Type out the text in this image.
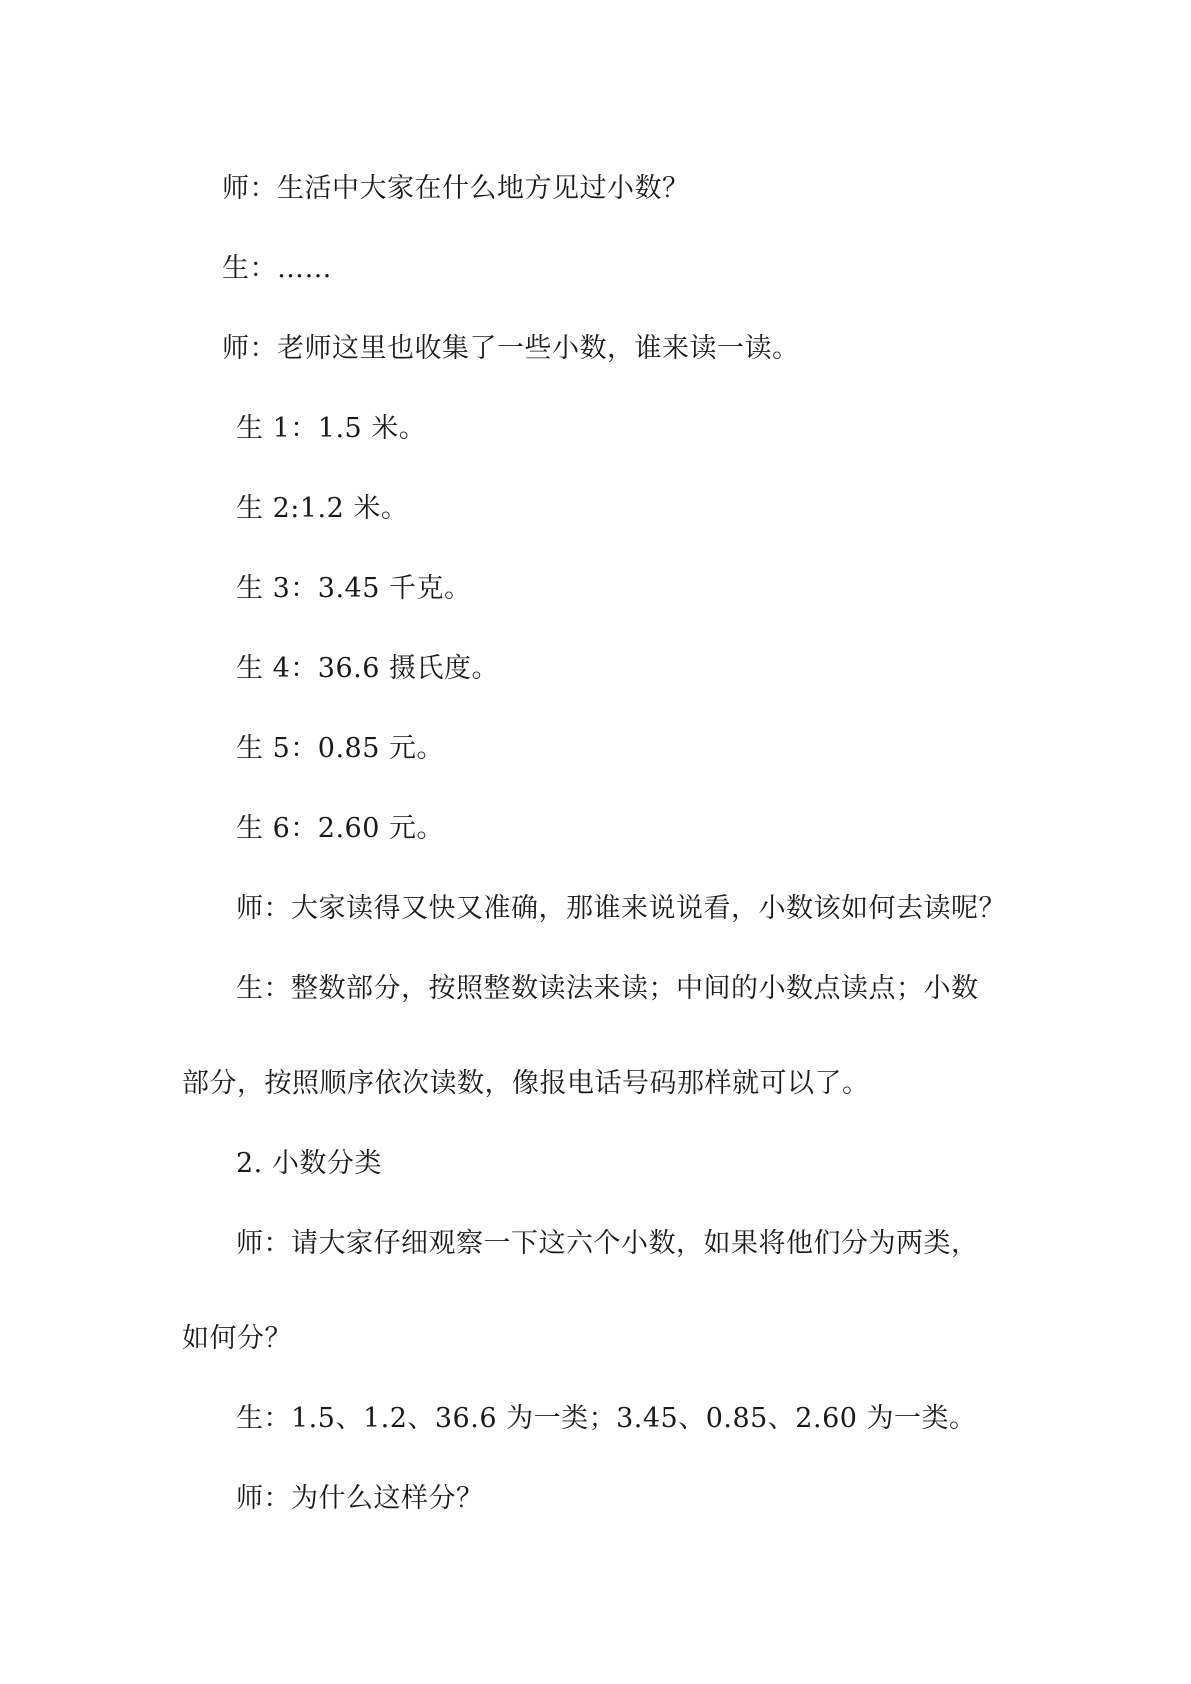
师：生活中大家在什么地方见过小数？
生：……
师：老师这里也收集了一些小数，谁来读一读。
生 1：1.5 米。
生 2:1.2 米。
生 3：3.45 千克。
生 4：36.6 摄氏度。
生 5：0.85 元。
生 6：2.60 元。
师：大家读得又快又准确，那谁来说说看，小数该如何去读呢？
生：整数部分，按照整数读法来读；中间的小数点读点；小数
部分，按照顺序依次读数，像报电话号码那样就可以了。
2. 小数分类
师：请大家仔细观察一下这六个小数，如果将他们分为两类，
如何分？
生：1.5、1.2、36.6 为一类；3.45、0.85、2.60 为一类。
师：为什么这样分？
